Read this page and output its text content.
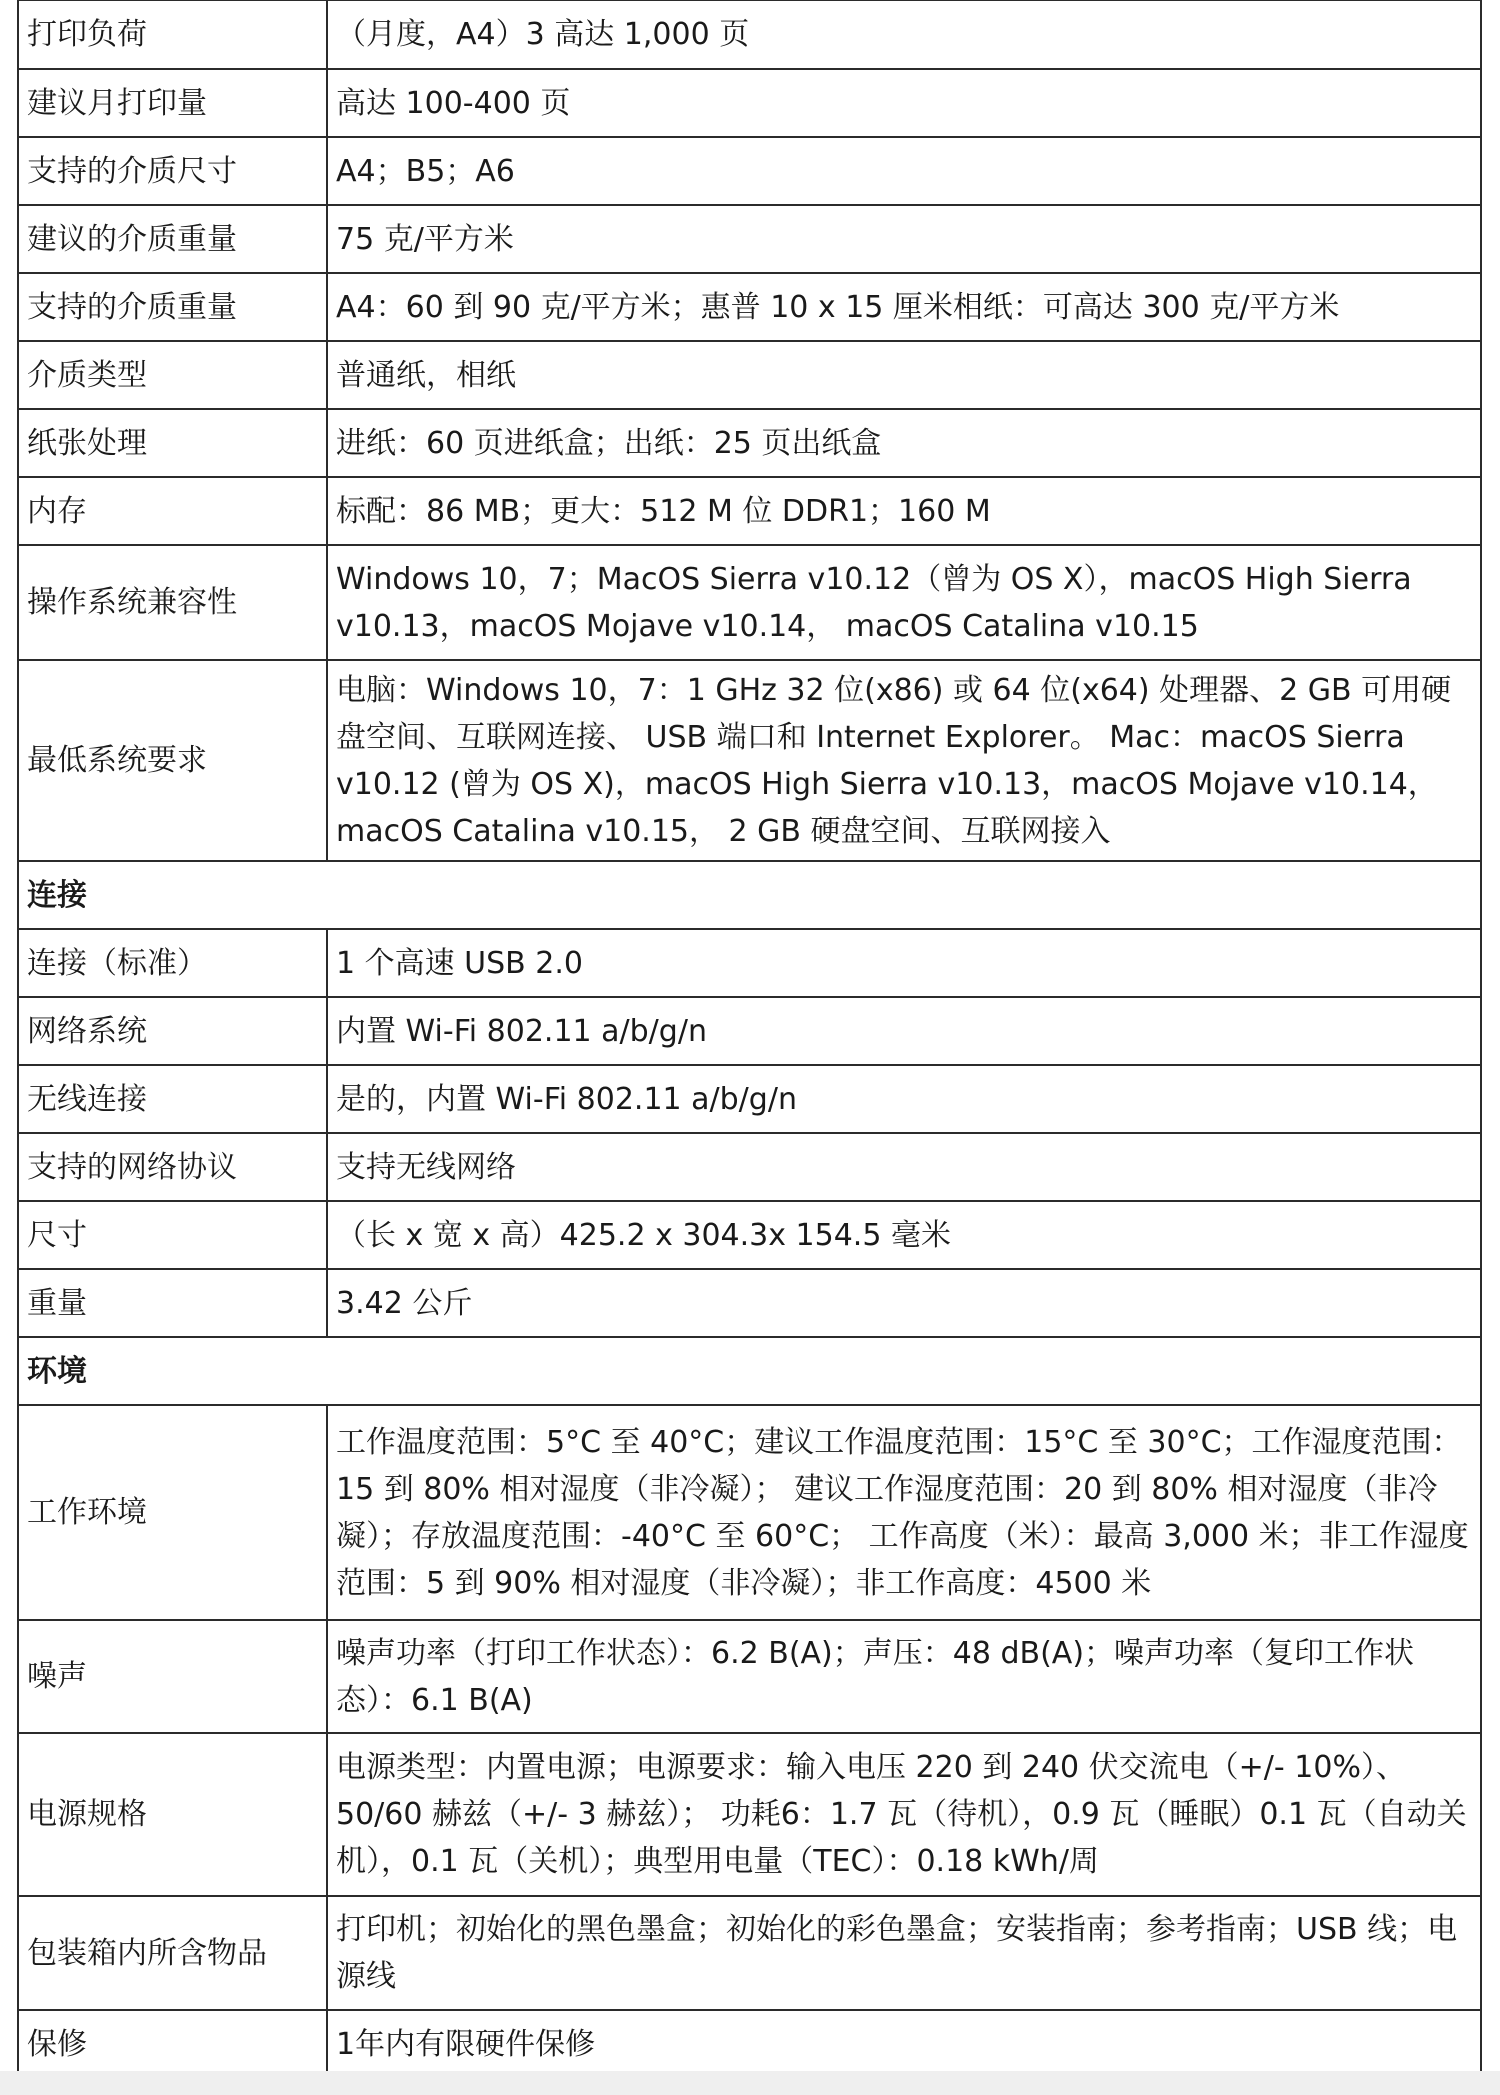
打印负荷	（月度，A4）3 高达 1,000 页
建议月打印量	高达 100-400 页
支持的介质尺寸	A4；B5；A6
建议的介质重量	75 克/平方米
支持的介质重量	A4：60 到 90 克/平方米；惠普 10 x 15 厘米相纸：可高达 300 克/平方米
介质类型	普通纸，相纸
纸张处理	进纸：60 页进纸盒；出纸：25 页出纸盒
内存	标配：86 MB；更大：512 M 位 DDR1；160 M
操作系统兼容性	Windows 10，7；MacOS Sierra v10.12（曾为 OS X），macOS High Sierra v10.13，macOS Mojave v10.14， macOS Catalina v10.15
最低系统要求	电脑：Windows 10，7：1 GHz 32 位(x86) 或 64 位(x64) 处理器、2 GB 可用硬盘空间、互联网连接、 USB 端口和 Internet Explorer。 Mac：macOS Sierra v10.12 (曾为 OS X)，macOS High Sierra v10.13，macOS Mojave v10.14，macOS Catalina v10.15， 2 GB 硬盘空间、互联网接入
连接	
连接（标准）	1 个高速 USB 2.0
网络系统	内置 Wi-Fi 802.11 a/b/g/n
无线连接	是的，内置 Wi-Fi 802.11 a/b/g/n
支持的网络协议	支持无线网络
尺寸	（长 x 宽 x 高）425.2 x 304.3x 154.5 毫米
重量	3.42 公斤
环境	
工作环境	工作温度范围：5°C 至 40°C；建议工作温度范围：15°C 至 30°C；工作湿度范围：15 到 80% 相对湿度（非冷凝）； 建议工作湿度范围：20 到 80% 相对湿度（非冷凝）；存放温度范围：-40°C 至 60°C； 工作高度（米）：最高 3,000 米；非工作湿度范围：5 到 90% 相对湿度（非冷凝）；非工作高度：4500 米
噪声	噪声功率（打印工作状态）：6.2 B(A)；声压：48 dB(A)；噪声功率（复印工作状态）：6.1 B(A)
电源规格	电源类型：内置电源；电源要求：输入电压 220 到 240 伏交流电（+/- 10%）、50/60 赫兹（+/- 3 赫兹）； 功耗6：1.7 瓦（待机），0.9 瓦（睡眠）0.1 瓦（自动关机），0.1 瓦（关机）；典型用电量（TEC）：0.18 kWh/周
包装箱内所含物品	打印机；初始化的黑色墨盒；初始化的彩色墨盒；安装指南；参考指南；USB 线；电源线
保修	1年内有限硬件保修
